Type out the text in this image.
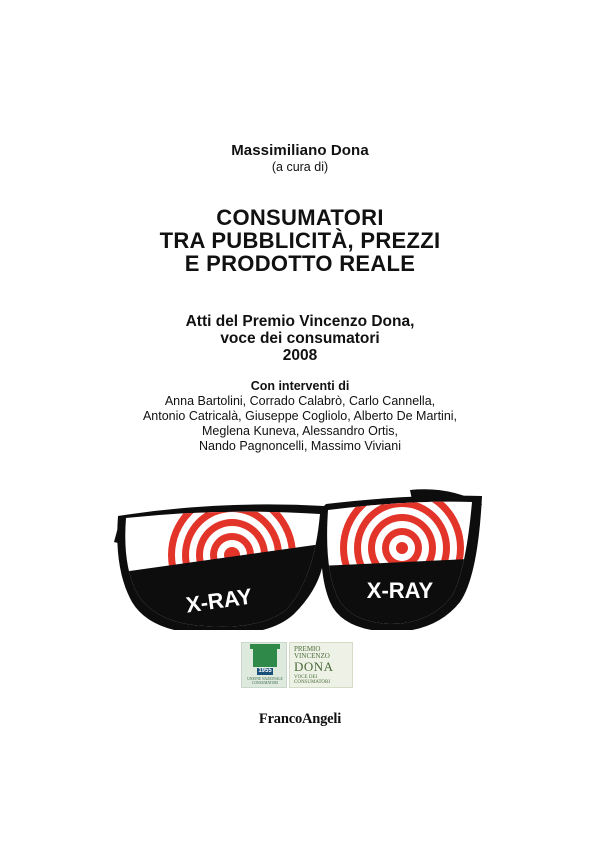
Massimiliano Dona
(a cura di)
CONSUMATORI
TRA PUBBLICITÀ, PREZZI
E PRODOTTO REALE
Atti del Premio Vincenzo Dona,
voce dei consumatori
2008
Con interventi di
Anna Bartolini, Corrado Calabrò, Carlo Cannella,
Antonio Catricalà, Giuseppe Cogliolo, Alberto De Martini,
Meglena Kuneva, Alessandro Ortis,
Nando Pagnoncelli, Massimo Viviani
X-RAY	X-RAY
1955
UNIONE NAZIONALE
CONSUMATORI
PREMIO
VINCENZO
DONA
VOCE DEI
CONSUMATORI
FrancoAngeli
